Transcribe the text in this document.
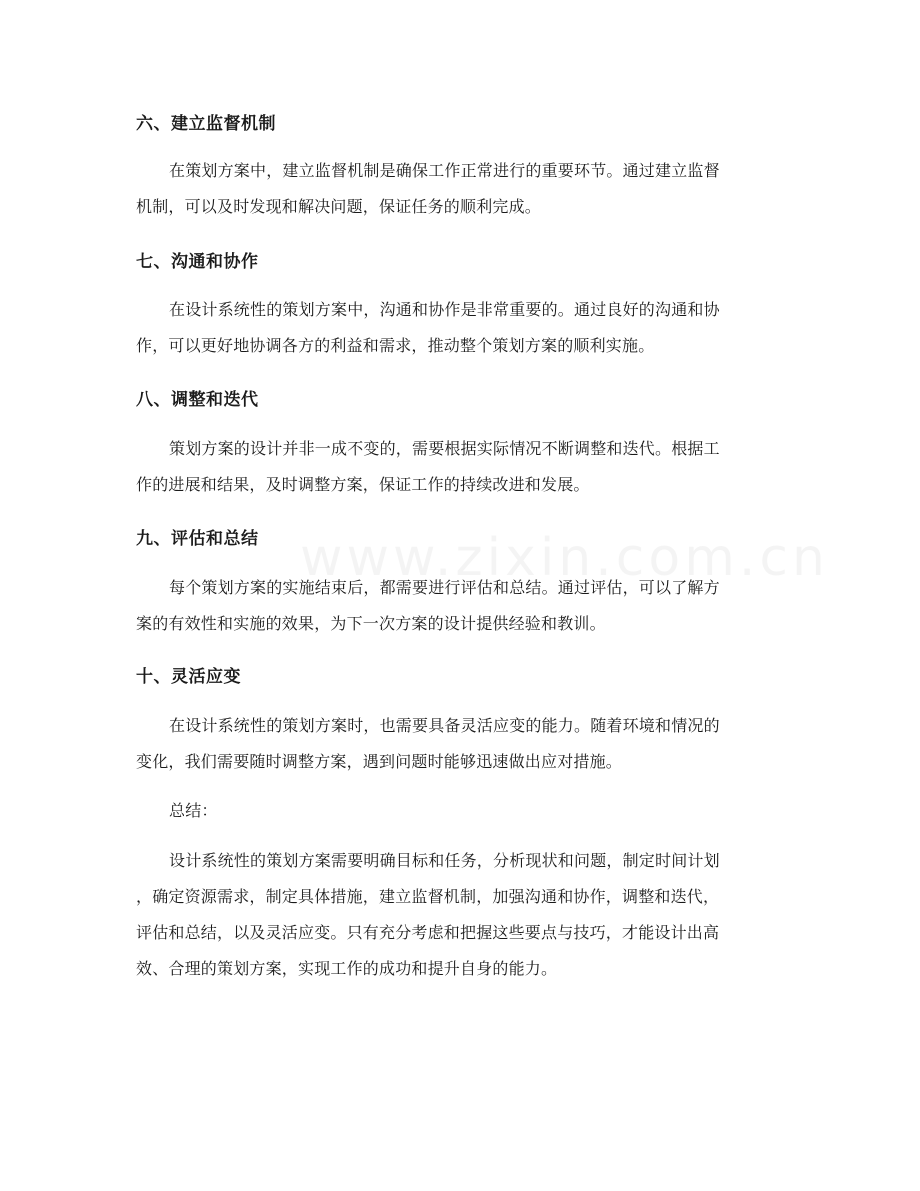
六、建立监督机制
在策划方案中，建立监督机制是确保工作正常进行的重要环节。通过建立监督
机制，可以及时发现和解决问题，保证任务的顺利完成。
七、沟通和协作
在设计系统性的策划方案中，沟通和协作是非常重要的。通过良好的沟通和协
作，可以更好地协调各方的利益和需求，推动整个策划方案的顺利实施。
八、调整和迭代
策划方案的设计并非一成不变的，需要根据实际情况不断调整和迭代。根据工
作的进展和结果，及时调整方案，保证工作的持续改进和发展。
九、评估和总结
每个策划方案的实施结束后，都需要进行评估和总结。通过评估，可以了解方
案的有效性和实施的效果，为下一次方案的设计提供经验和教训。
十、灵活应变
在设计系统性的策划方案时，也需要具备灵活应变的能力。随着环境和情况的
变化，我们需要随时调整方案，遇到问题时能够迅速做出应对措施。
总结：
设计系统性的策划方案需要明确目标和任务，分析现状和问题，制定时间计划
，确定资源需求，制定具体措施，建立监督机制，加强沟通和协作，调整和迭代，
评估和总结，以及灵活应变。只有充分考虑和把握这些要点与技巧，才能设计出高
效、合理的策划方案，实现工作的成功和提升自身的能力。
